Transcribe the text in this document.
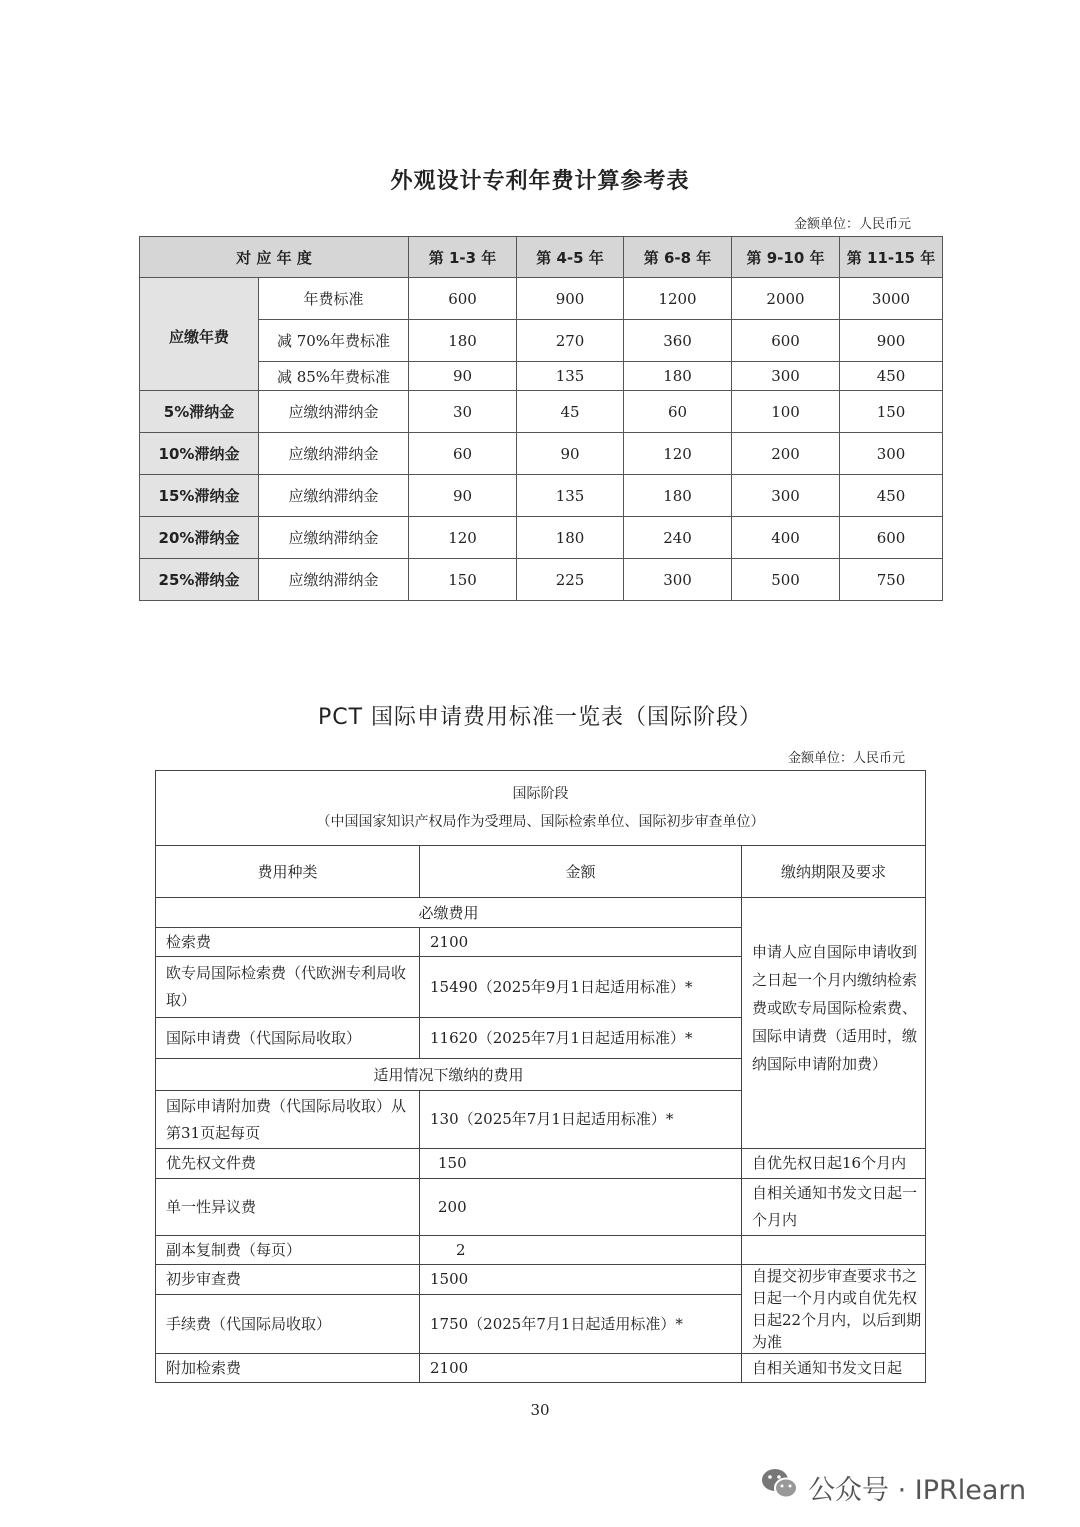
外观设计专利年费计算参考表
金额单位：人民币元
对 应 年 度		第 1-3 年	第 4-5 年	第 6-8 年	第 9-10 年	第 11-15 年
应缴年费	年费标准	600	900	1200	2000	3000
	减 70%年费标准	180	270	360	600	900
	减 85%年费标准	90	135	180	300	450
5%滞纳金	应缴纳滞纳金	30	45	60	100	150
10%滞纳金	应缴纳滞纳金	60	90	120	200	300
15%滞纳金	应缴纳滞纳金	90	135	180	300	450
20%滞纳金	应缴纳滞纳金	120	180	240	400	600
25%滞纳金	应缴纳滞纳金	150	225	300	500	750
PCT 国际申请费用标准一览表（国际阶段）
金额单位：人民币元
国际阶段
（中国国家知识产权局作为受理局、国际检索单位、国际初步审查单位）		

费用种类	金额	缴纳期限及要求
必缴费用		申请人应自国际申请收到之日起一个月内缴纳检索费或欧专局国际检索费、国际申请费（适用时，缴纳国际申请附加费）
检索费	2100	
欧专局国际检索费（代欧洲专利局收取）	15490（2025年9月1日起适用标准）*	
国际申请费（代国际局收取）	11620（2025年7月1日起适用标准）*	
适用情况下缴纳的费用		
国际申请附加费（代国际局收取）从第31页起每页	130（2025年7月1日起适用标准）*	
优先权文件费	150	自优先权日起16个月内
单一性异议费	200	自相关通知书发文日起一个月内
副本复制费（每页）	2	
初步审查费	1500	自提交初步审查要求书之日起一个月内或自优先权日起22个月内，以后到期为准
手续费（代国际局收取）	1750（2025年7月1日起适用标准）*	
附加检索费	2100	自相关通知书发文日起
30
公众号 · IPRlearn
